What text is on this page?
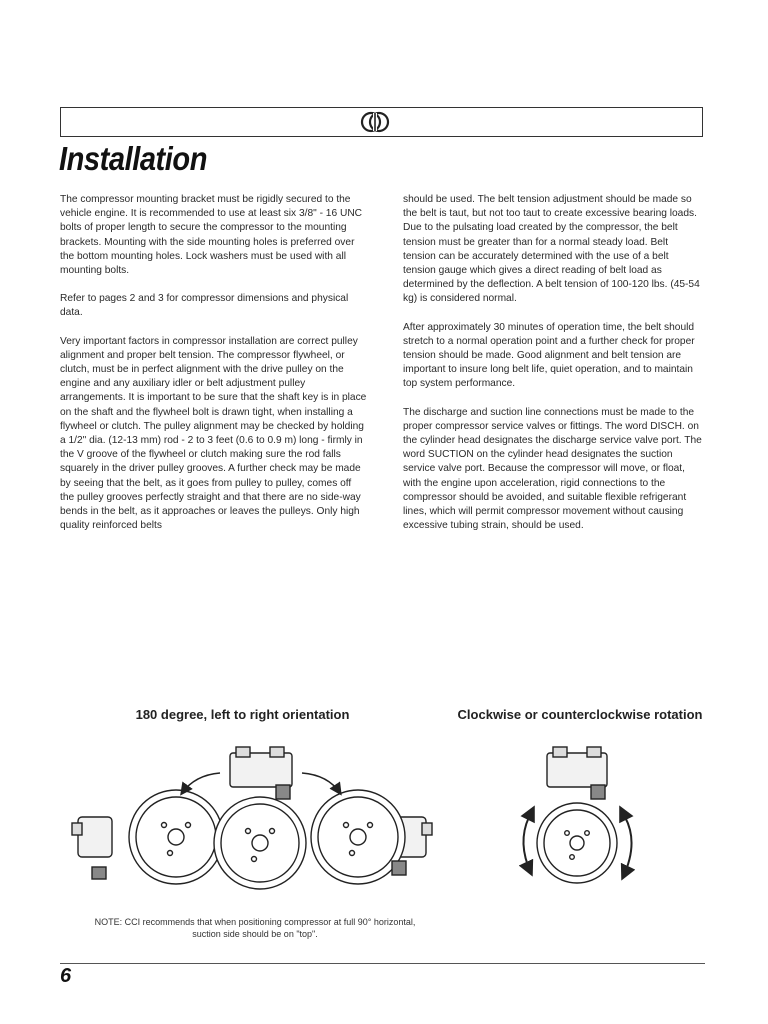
Installation

The compressor mounting bracket must be rigidly secured to the vehicle engine. It is recommended to use at least six 3/8" - 16 UNC bolts of proper length to secure the compressor to the mounting brackets. Mounting with the side mounting holes is preferred over the bottom mounting holes. Lock washers must be used with all mounting bolts.

Refer to pages 2 and 3 for compressor dimensions and physical data.

Very important factors in compressor installation are correct pulley alignment and proper belt tension. The compressor flywheel, or clutch, must be in perfect alignment with the drive pulley on the engine and any auxiliary idler or belt adjustment pulley arrangements. It is important to be sure that the shaft key is in place on the shaft and the flywheel bolt is drawn tight, when installing a flywheel or clutch. The pulley alignment may be checked by holding a 1/2" dia. (12-13 mm) rod - 2 to 3 feet (0.6 to 0.9 m) long - firmly in the V groove of the flywheel or clutch making sure the rod falls squarely in the driver pulley grooves. A further check may be made by seeing that the belt, as it goes from pulley to pulley, comes off the pulley grooves perfectly straight and that there are no side-way bends in the belt, as it approaches or leaves the pulleys. Only high quality reinforced belts

should be used. The belt tension adjustment should be made so the belt is taut, but not too taut to create excessive bearing loads. Due to the pulsating load created by the compressor, the belt tension must be greater than for a normal steady load. Belt tension can be accurately determined with the use of a belt tension gauge which gives a direct reading of belt load as determined by the deflection. A belt tension of 100-120 lbs. (45-54 kg) is considered normal.

After approximately 30 minutes of operation time, the belt should stretch to a normal operation point and a further check for proper tension should be made. Good alignment and belt tension are important to insure long belt life, quiet operation, and to maintain top system performance.

The discharge and suction line connections must be made to the proper compressor service valves or fittings. The word DISCH. on the cylinder head designates the discharge service valve port. The word SUCTION on the cylinder head designates the suction service valve port. Because the compressor will move, or float, with the engine upon acceleration, rigid connections to the compressor should be avoided, and suitable flexible refrigerant lines, which will permit compressor movement without causing excessive tubing strain, should be used.

180 degree, left to right orientation	Clockwise or counterclockwise rotation

NOTE: CCI recommends that when positioning compressor at full 90° horizontal, suction side should be on "top".

6
